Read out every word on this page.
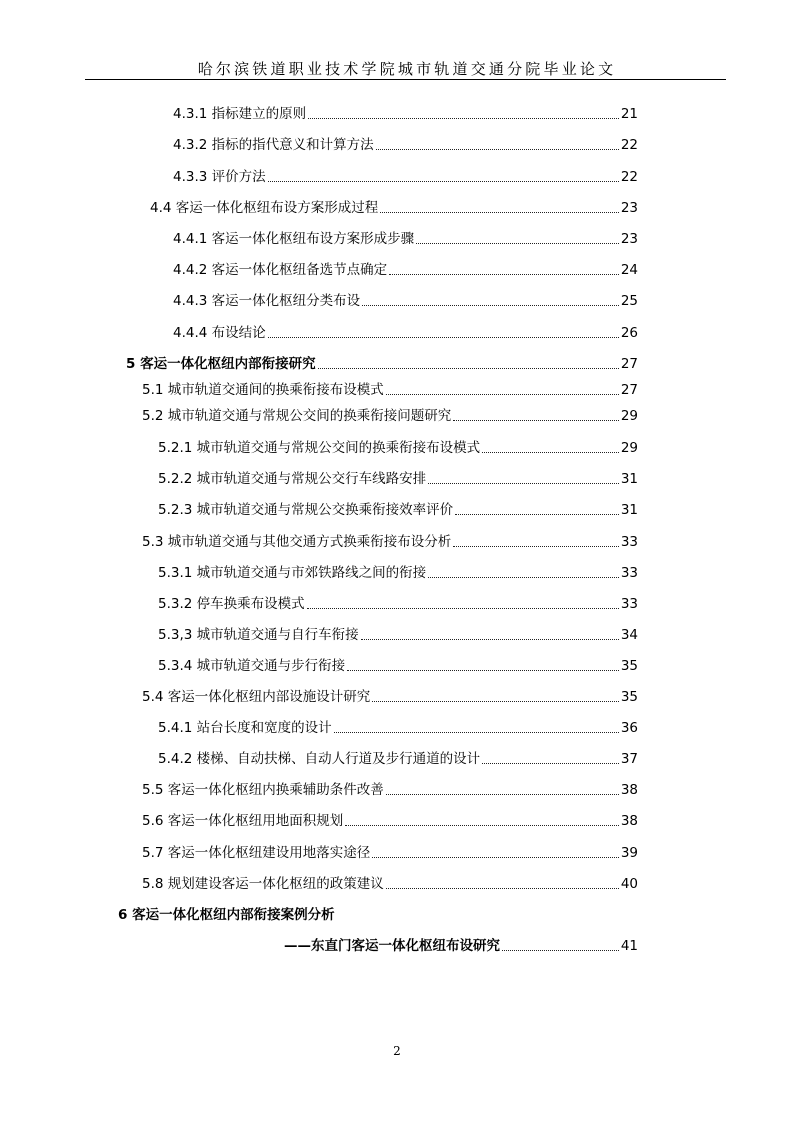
哈尔滨铁道职业技术学院城市轨道交通分院毕业论文
4.3.1 指标建立的原则	21
4.3.2 指标的指代意义和计算方法	22
4.3.3 评价方法	22
4.4 客运一体化枢纽布设方案形成过程	23
4.4.1 客运一体化枢纽布设方案形成步骤	23
4.4.2 客运一体化枢纽备选节点确定	24
4.4.3 客运一体化枢纽分类布设	25
4.4.4 布设结论	26
5 客运一体化枢纽内部衔接研究	27
5.1 城市轨道交通间的换乘衔接布设模式	27
5.2 城市轨道交通与常规公交间的换乘衔接问题研究	29
5.2.1 城市轨道交通与常规公交间的换乘衔接布设模式	29
5.2.2 城市轨道交通与常规公交行车线路安排	31
5.2.3 城市轨道交通与常规公交换乘衔接效率评价	31
5.3 城市轨道交通与其他交通方式换乘衔接布设分析	33
5.3.1 城市轨道交通与市郊铁路线之间的衔接	33
5.3.2 停车换乘布设模式	33
5.3,3 城市轨道交通与自行车衔接	34
5.3.4 城市轨道交通与步行衔接	35
5.4 客运一体化枢纽内部设施设计研究	35
5.4.1 站台长度和宽度的设计	36
5.4.2 楼梯、自动扶梯、自动人行道及步行通道的设计	37
5.5 客运一体化枢纽内换乘辅助条件改善	38
5.6 客运一体化枢纽用地面积规划	38
5.7 客运一体化枢纽建设用地落实途径	39
5.8 规划建设客运一体化枢纽的政策建议	40
6 客运一体化枢纽内部衔接案例分析
——东直门客运一体化枢纽布设研究	41
2
